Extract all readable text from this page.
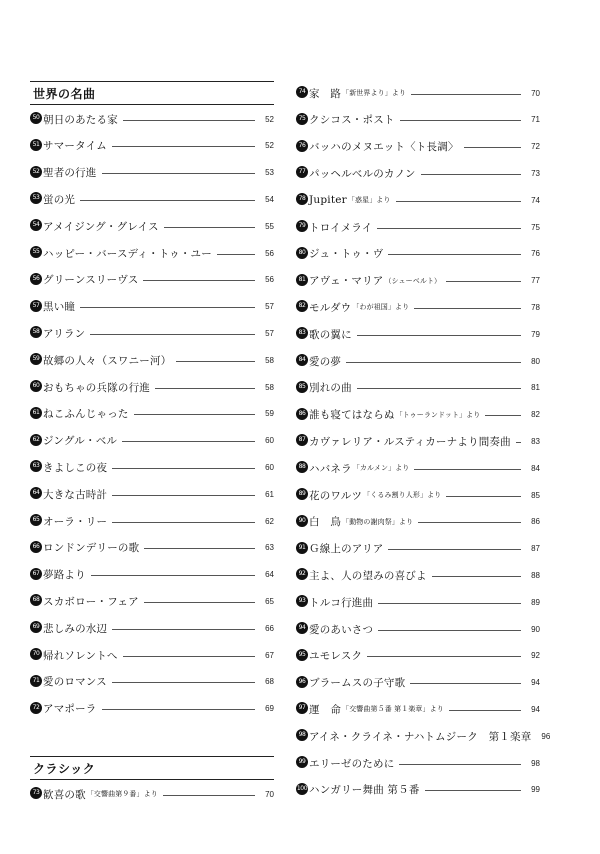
世界の名曲
50 朝日のあたる家	52
51 サマータイム	52
52 聖者の行進	53
53 蛍の光	54
54 アメイジング・グレイス	55
55 ハッピー・バースディ・トゥ・ユー	56
56 グリーンスリーヴス	56
57 黒い瞳	57
58 アリラン	57
59 故郷の人々（スワニー河）	58
60 おもちゃの兵隊の行進	58
61 ねこふんじゃった	59
62 ジングル・ベル	60
63 きよしこの夜	60
64 大きな古時計	61
65 オーラ・リー	62
66 ロンドンデリーの歌	63
67 夢路より	64
68 スカボロー・フェア	65
69 悲しみの水辺	66
70 帰れソレントへ	67
71 愛のロマンス	68
72 アマポーラ	69
クラシック
73 歓喜の歌 「交響曲第９番」より	70
74 家　路 「新世界より」より	70
75 クシコス・ポスト	71
76 バッハのメヌエット〈ト長調〉	72
77 パッヘルベルのカノン	73
78 Jupiter 「惑星」より	74
79 トロイメライ	75
80 ジュ・トゥ・ヴ	76
81 アヴェ・マリア （シューベルト）	77
82 モルダウ 「わが祖国」より	78
83 歌の翼に	79
84 愛の夢	80
85 別れの曲	81
86 誰も寝てはならぬ 「トゥーランドット」より	82
87 カヴァレリア・ルスティカーナより間奏曲	83
88 ハバネラ 「カルメン」より	84
89 花のワルツ 「くるみ割り人形」より	85
90 白　鳥 「動物の謝肉祭」より	86
91 Ｇ線上のアリア	87
92 主よ、人の望みの喜びよ	88
93 トルコ行進曲	89
94 愛のあいさつ	90
95 ユモレスク	92
96 ブラームスの子守歌	94
97 運　命 「交響曲第５番 第１楽章」より	94
98 アイネ・クライネ・ナハトムジーク　第１楽章 96
99 エリーゼのために	98
100 ハンガリー舞曲 第５番	99
